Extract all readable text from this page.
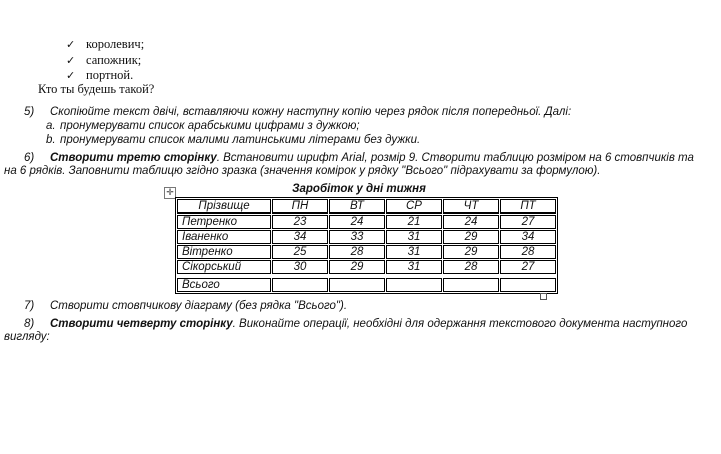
✓ королевич;
✓ сапожник;
✓ портной.
Кто ты будешь такой?
5) Скопіюйте текст двічі, вставляючи кожну наступну копію через рядок після попередньої. Далі:
a. пронумерувати список арабськими цифрами з дужкою;
b. пронумерувати список малими латинськими літерами без дужки.
6) Створити третю сторінку. Встановити шрифт Arial, розмір 9. Створити таблицю розміром на 6 стовпчиків та
на 6 рядків. Заповнити таблицю згідно зразка (значення комірок у рядку "Всього" підрахувати за формулою).
Заробіток у дні тижня
✛
Прізвище	ПН	ВТ	СР	ЧТ	ПТ
Петренко	23	24	21	24	27
Іваненко	34	33	31	29	34
Вітренко	25	28	31	29	28
Сікорський	30	29	31	28	27

Всього					
7) Створити стовпчикову діаграму (без рядка "Всього").
8) Створити четверту сторінку. Виконайте операції, необхідні для одержання текстового документа наступного
вигляду:
